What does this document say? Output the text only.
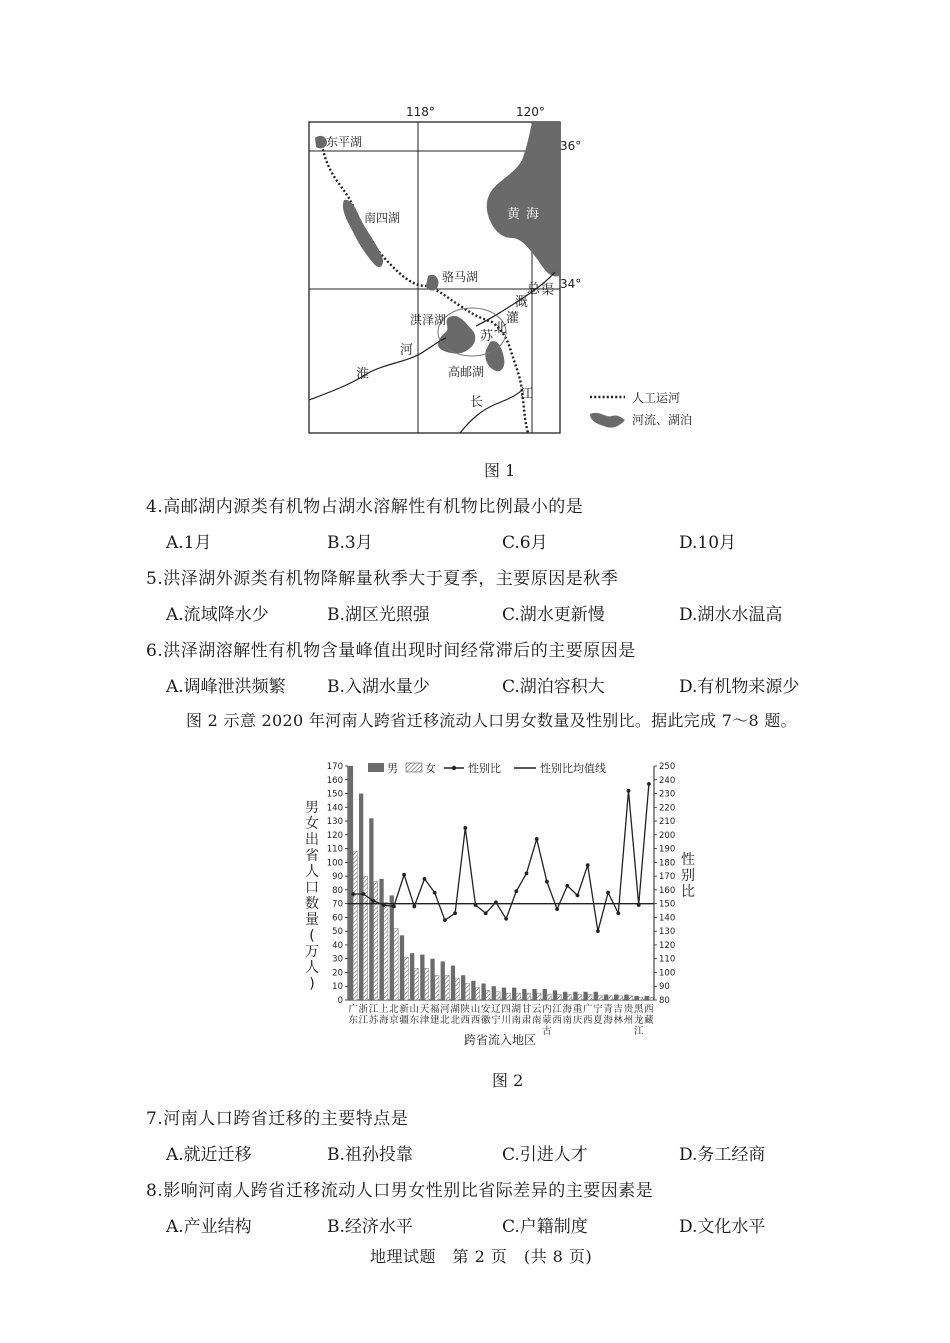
黄海
118°	120°
36°
34°
东平湖
南四湖
骆马湖
洪泽湖
高邮湖
河
淮
长
江
苏
北
灌
溉
总 渠
人工运河
河流、湖泊
图 1
4.高邮湖内源类有机物占湖水溶解性有机物比例最小的是
A.1月	B.3月	C.6月	D.10月
5.洪泽湖外源类有机物降解量秋季大于夏季，主要原因是秋季
A.流域降水少	B.湖区光照强	C.湖水更新慢	D.湖水水温高
6.洪泽湖溶解性有机物含量峰值出现时间经常滞后的主要原因是
A.调峰泄洪频繁 B.入湖水量少	C.湖泊容积大	D.有机物来源少
图 2 示意 2020 年河南人跨省迁移流动人口男女数量及性别比。据此完成 7～8 题。
0
10
20
30
40
50
60
70
80
90
100
110
120
130
140
150
160
170
80
90
100
110
120
130
140
150
160
170
180
190
200
210
220
230
240
250
广
东
浙
江
江
苏
上
海
北
京
新
疆
山
东
天
津
福
建
河
北
湖
北
陕
西
山
西
安
徽
辽
宁
四
川
湖
南
甘
肃
云
南
内
蒙
古
江
西
海
南
重
庆
广
西
宁
夏
青
海
吉
林
贵
州
黑
龙
江
西
藏
跨省流入地区
男 女	性别比	性别比均值线
男
女
出
省
人
口
数
量
(
万
人
)
性
别
比
图 2
7.河南人口跨省迁移的主要特点是
A.就近迁移	B.祖孙投靠	C.引进人才	D.务工经商
8.影响河南人跨省迁移流动人口男女性别比省际差异的主要因素是
A.产业结构	B.经济水平	C.户籍制度	D.文化水平
地理试题　第 2 页　(共 8 页)
